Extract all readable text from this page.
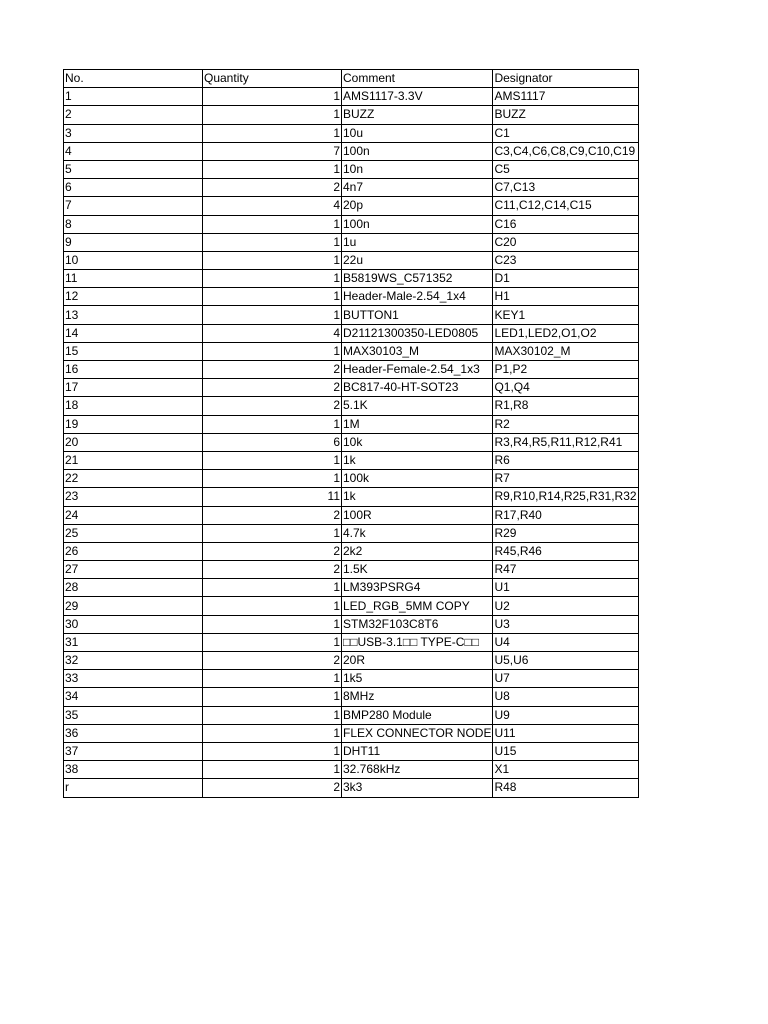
No.	Quantity	Comment	Designator
1	1	AMS1117-3.3V	AMS1117
2	1	BUZZ	BUZZ
3	1	10u	C1
4	7	100n	C3,C4,C6,C8,C9,C10,C19
5	1	10n	C5
6	2	4n7	C7,C13
7	4	20p	C11,C12,C14,C15
8	1	100n	C16
9	1	1u	C20
10	1	22u	C23
11	1	B5819WS_C571352	D1
12	1	Header-Male-2.54_1x4	H1
13	1	BUTTON1	KEY1
14	4	D21121300350-LED0805	LED1,LED2,O1,O2
15	1	MAX30103_M	MAX30102_M
16	2	Header-Female-2.54_1x3	P1,P2
17	2	BC817-40-HT-SOT23	Q1,Q4
18	2	5.1K	R1,R8
19	1	1M	R2
20	6	10k	R3,R4,R5,R11,R12,R41
21	1	1k	R6
22	1	100k	R7
23	11	1k	R9,R10,R14,R25,R31,R32
24	2	100R	R17,R40
25	1	4.7k	R29
26	2	2k2	R45,R46
27	2	1.5K	R47
28	1	LM393PSRG4	U1
29	1	LED_RGB_5MM COPY	U2
30	1	STM32F103C8T6	U3
31	1	□□USB-3.1□□ TYPE-C□□	U4
32	2	20R	U5,U6
33	1	1k5	U7
34	1	8MHz	U8
35	1	BMP280 Module	U9
36	1	FLEX CONNECTOR NODE	U11
37	1	DHT11	U15
38	1	32.768kHz	X1
r	2	3k3	R48
